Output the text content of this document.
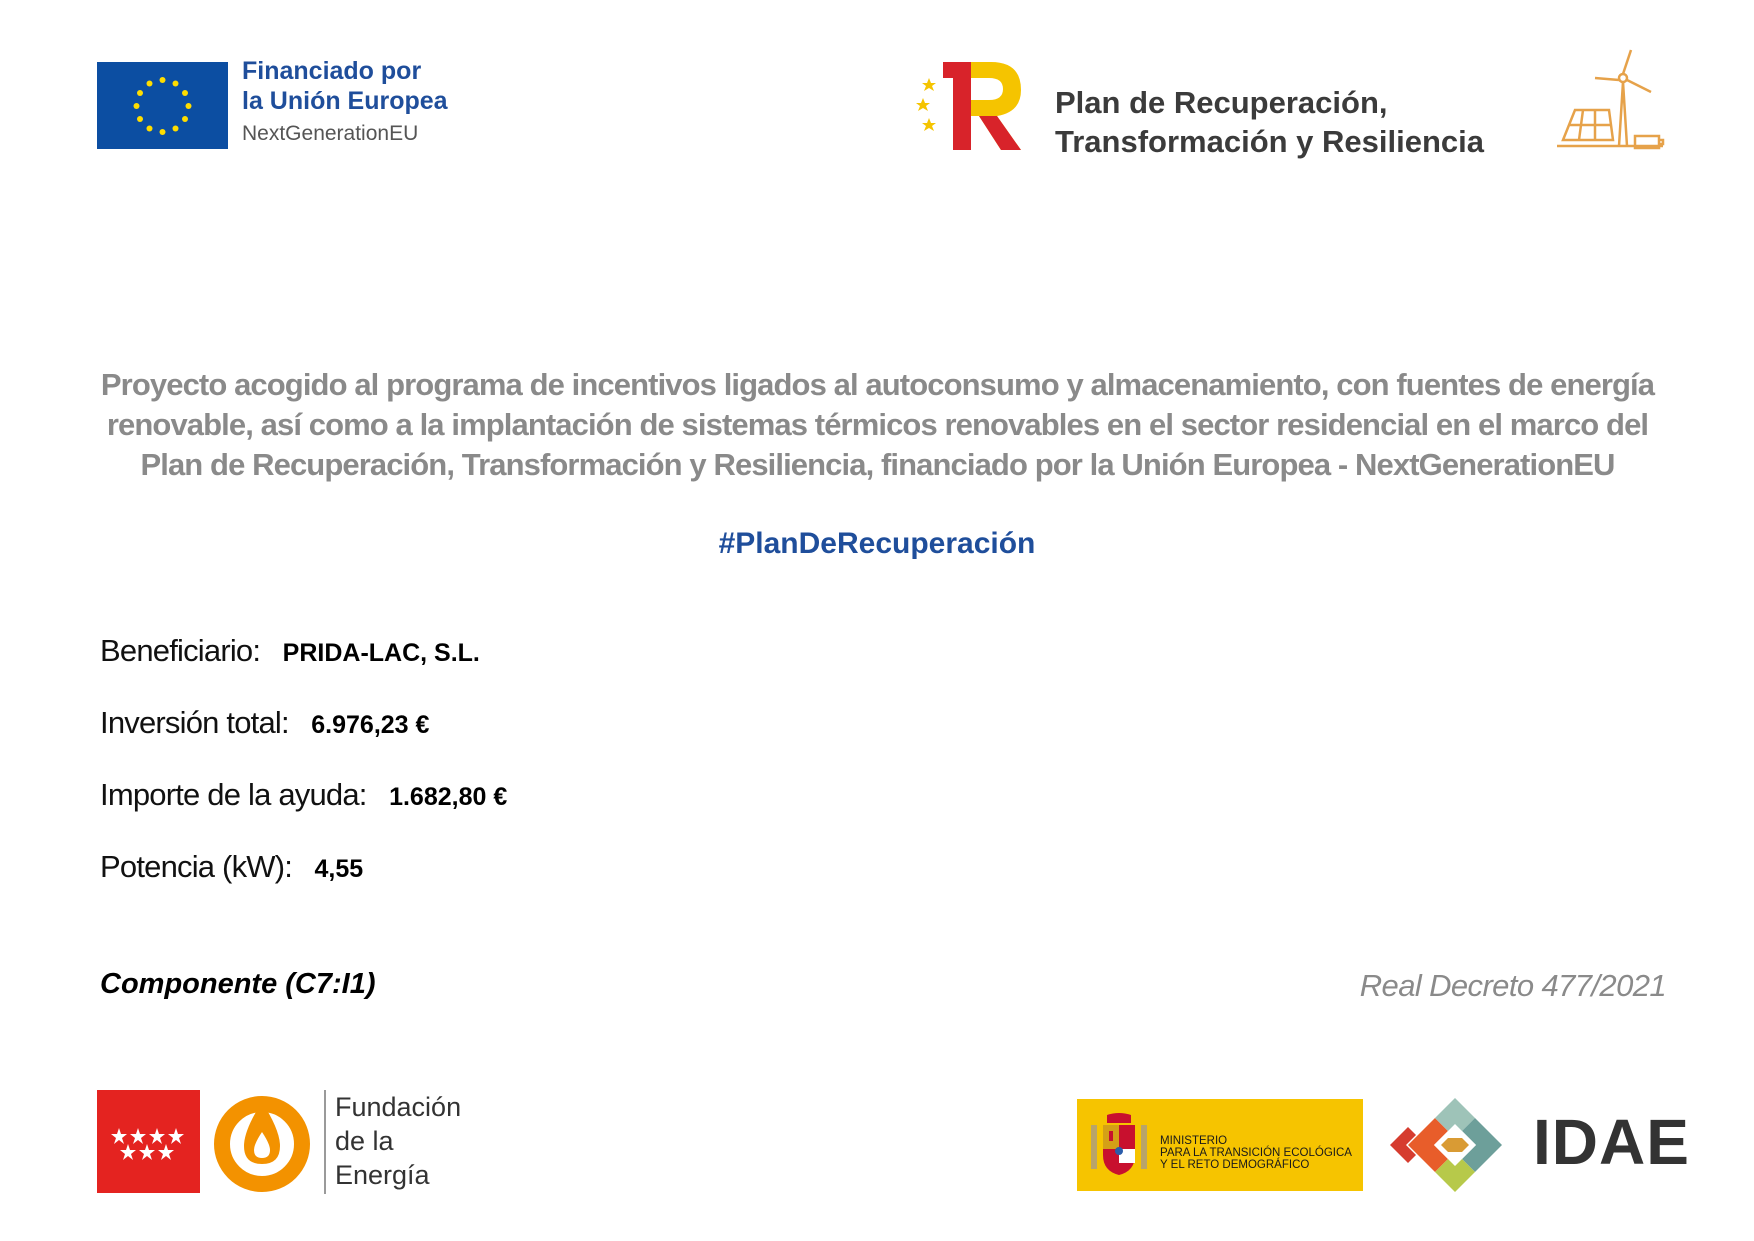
Financiado por
la Unión Europea
NextGenerationEU
Plan de Recuperación,
Transformación y Resiliencia
Proyecto acogido al programa de incentivos ligados al autoconsumo y almacenamiento, con fuentes de energía renovable, así como a la implantación de sistemas térmicos renovables en el sector residencial en el marco del Plan de Recuperación, Transformación y Resiliencia, financiado por la Unión Europea - NextGenerationEU
#PlanDeRecuperación
Beneficiario: PRIDA-LAC, S.L.
Inversión total: 6.976,23 €
Importe de la ayuda: 1.682,80 €
Potencia (kW): 4,55
Componente (C7:I1)	Real Decreto 477/2021
Fundación
de la
Energía
MINISTERIO
PARA LA TRANSICIÓN ECOLÓGICA
Y EL RETO DEMOGRÁFICO	IDAE
